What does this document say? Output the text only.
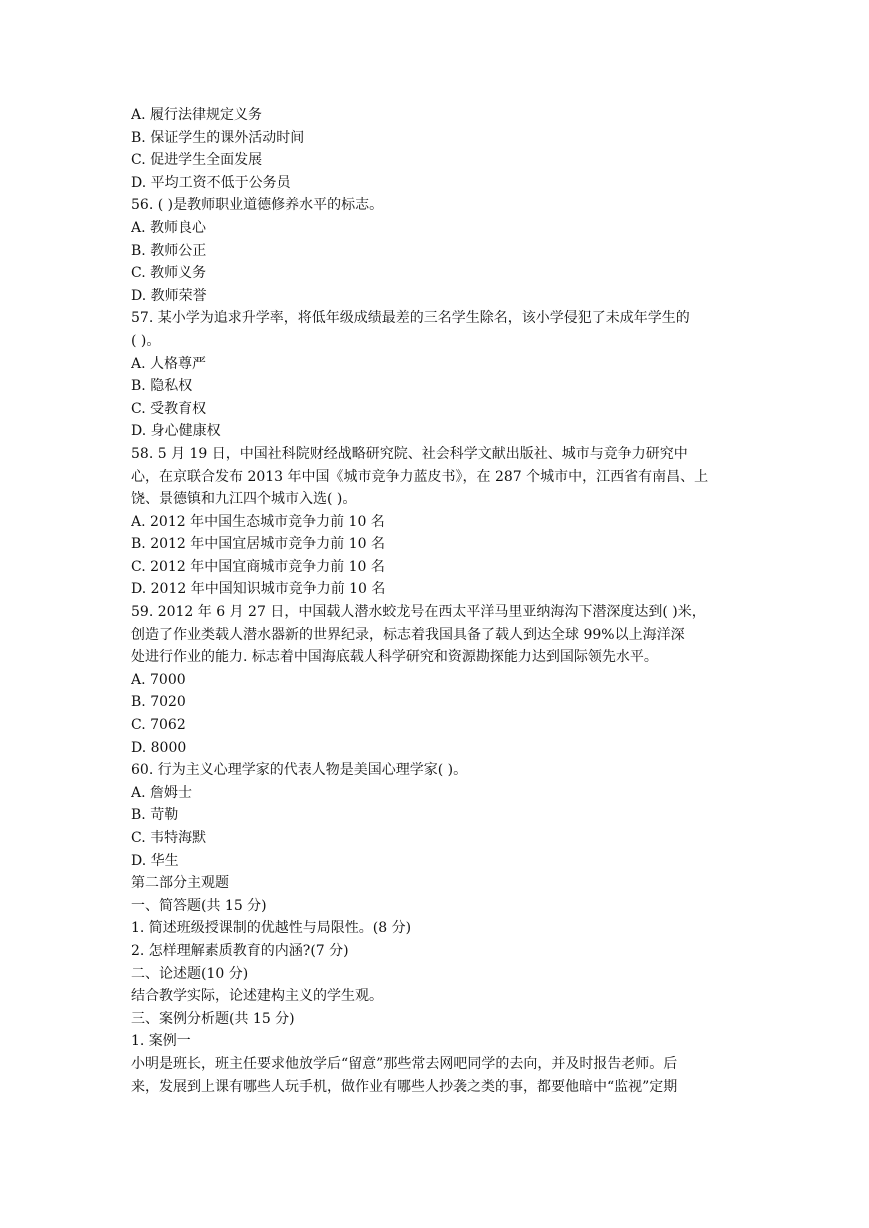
A. 履行法律规定义务
B. 保证学生的课外活动时间
C. 促进学生全面发展
D. 平均工资不低于公务员
56. ( )是教师职业道德修养水平的标志。
A. 教师良心
B. 教师公正
C. 教师义务
D. 教师荣誉
57. 某小学为追求升学率，将低年级成绩最差的三名学生除名，该小学侵犯了未成年学生的
( )。
A. 人格尊严
B. 隐私权
C. 受教育权
D. 身心健康权
58. 5 月 19 日，中国社科院财经战略研究院、社会科学文献出版社、城市与竞争力研究中
心，在京联合发布 2013 年中国《城市竞争力蓝皮书》，在 287 个城市中，江西省有南昌、上
饶、景德镇和九江四个城市入选( )。
A. 2012 年中国生态城市竞争力前 10 名
B. 2012 年中国宜居城市竞争力前 10 名
C. 2012 年中国宜商城市竞争力前 10 名
D. 2012 年中国知识城市竞争力前 10 名
59. 2012 年 6 月 27 日，中国载人潜水蛟龙号在西太平洋马里亚纳海沟下潜深度达到( )米，
创造了作业类载人潜水器新的世界纪录，标志着我国具备了载人到达全球 99%以上海洋深
处进行作业的能力. 标志着中国海底载人科学研究和资源勘探能力达到国际领先水平。
A. 7000
B. 7020
C. 7062
D. 8000
60. 行为主义心理学家的代表人物是美国心理学家( )。
A. 詹姆士
B. 苛勒
C. 韦特海默
D. 华生
第二部分主观题
一、简答题(共 15 分)
1. 简述班级授课制的优越性与局限性。(8 分)
2. 怎样理解素质教育的内涵?(7 分)
二、论述题(10 分)
结合教学实际，论述建构主义的学生观。
三、案例分析题(共 15 分)
1. 案例一
小明是班长，班主任要求他放学后“留意”那些常去网吧同学的去向，并及时报告老师。后
来，发展到上课有哪些人玩手机，做作业有哪些人抄袭之类的事，都要他暗中“监视”定期
